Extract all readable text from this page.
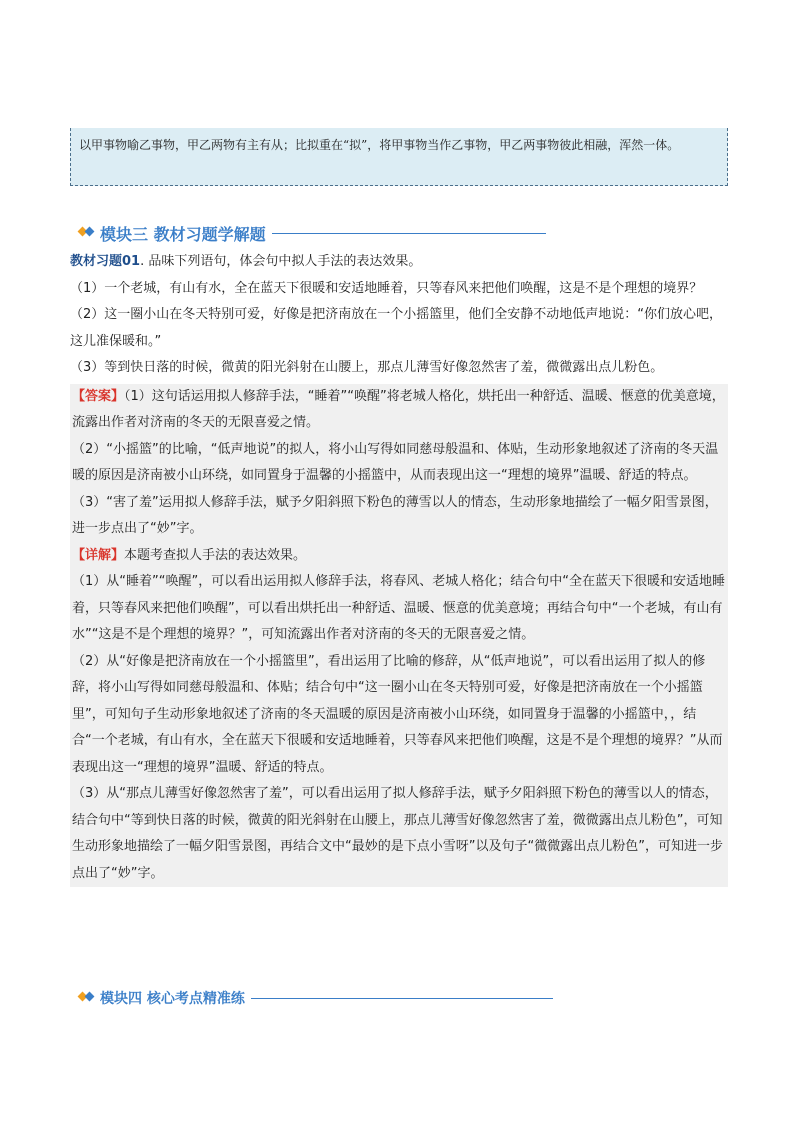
以甲事物喻乙事物，甲乙两物有主有从；比拟重在“拟”，将甲事物当作乙事物，甲乙两事物彼此相融，浑然一体。
模块三 教材习题学解题

教材习题01. 品味下列语句，体会句中拟人手法的表达效果。

（1）一个老城，有山有水，全在蓝天下很暖和安适地睡着，只等春风来把他们唤醒，这是不是个理想的境界？

（2）这一圈小山在冬天特别可爱，好像是把济南放在一个小摇篮里，他们全安静不动地低声地说：“你们放心吧，这儿准保暖和。”

（3）等到快日落的时候，微黄的阳光斜射在山腰上，那点儿薄雪好像忽然害了羞，微微露出点儿粉色。

【答案】（1）这句话运用拟人修辞手法，“睡着”“唤醒”将老城人格化，烘托出一种舒适、温暖、惬意的优美意境，流露出作者对济南的冬天的无限喜爱之情。

（2）“小摇篮”的比喻，“低声地说”的拟人，将小山写得如同慈母般温和、体贴，生动形象地叙述了济南的冬天温暖的原因是济南被小山环绕，如同置身于温馨的小摇篮中，从而表现出这一“理想的境界”温暖、舒适的特点。

（3）“害了羞”运用拟人修辞手法，赋予夕阳斜照下粉色的薄雪以人的情态，生动形象地描绘了一幅夕阳雪景图，进一步点出了“妙”字。

【详解】本题考查拟人手法的表达效果。

（1）从“睡着”“唤醒”，可以看出运用拟人修辞手法，将春风、老城人格化；结合句中“全在蓝天下很暖和安适地睡着，只等春风来把他们唤醒”，可以看出烘托出一种舒适、温暖、惬意的优美意境；再结合句中“一个老城，有山有水”“这是不是个理想的境界？”，可知流露出作者对济南的冬天的无限喜爱之情。

（2）从“好像是把济南放在一个小摇篮里”，看出运用了比喻的修辞，从“低声地说”，可以看出运用了拟人的修辞，将小山写得如同慈母般温和、体贴；结合句中“这一圈小山在冬天特别可爱，好像是把济南放在一个小摇篮里”，可知句子生动形象地叙述了济南的冬天温暖的原因是济南被小山环绕，如同置身于温馨的小摇篮中，，结合“一个老城，有山有水，全在蓝天下很暖和安适地睡着，只等春风来把他们唤醒，这是不是个理想的境界？”从而表现出这一“理想的境界”温暖、舒适的特点。

（3）从“那点儿薄雪好像忽然害了羞”，可以看出运用了拟人修辞手法，赋予夕阳斜照下粉色的薄雪以人的情态，结合句中“等到快日落的时候，微黄的阳光斜射在山腰上，那点儿薄雪好像忽然害了羞，微微露出点儿粉色”，可知生动形象地描绘了一幅夕阳雪景图，再结合文中“最妙的是下点小雪呀”以及句子“微微露出点儿粉色”，可知进一步点出了“妙”字。

模块四 核心考点精准练
